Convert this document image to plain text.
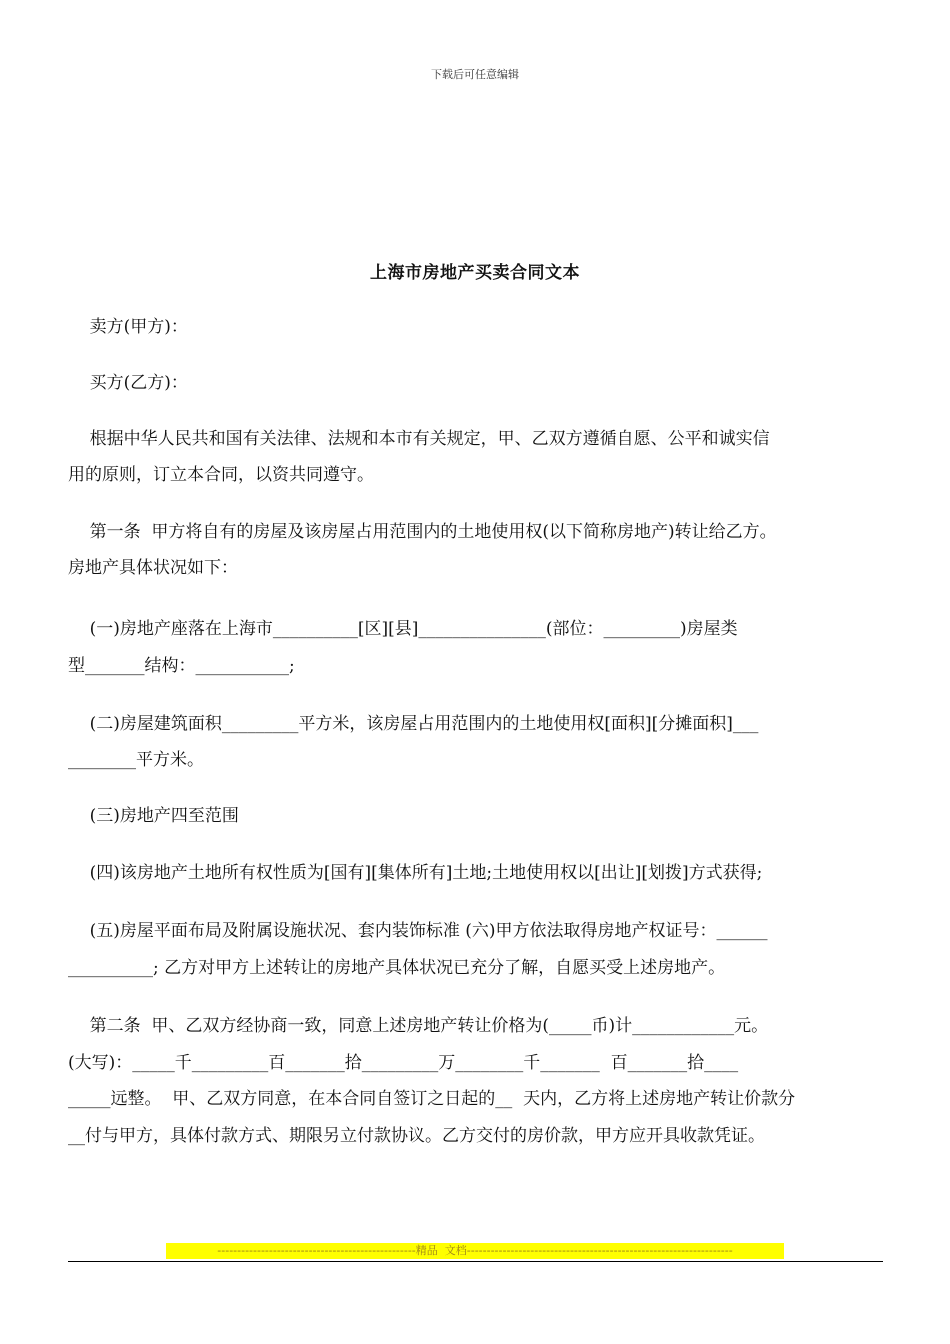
下载后可任意编辑
上海市房地产买卖合同文本

卖方(甲方)：

买方(乙方)：

根据中华人民共和国有关法律、法规和本市有关规定，甲、乙双方遵循自愿、公平和诚实信

用的原则，订立本合同，以资共同遵守。

第一条  甲方将自有的房屋及该房屋占用范围内的土地使用权(以下简称房地产)转让给乙方。

房地产具体状况如下：

(一)房地产座落在上海市__________[区][县]_______________(部位：_________)房屋类

型_______结构：___________;

(二)房屋建筑面积_________平方米，该房屋占用范围内的土地使用权[面积][分摊面积]___

________平方米。

(三)房地产四至范围

(四)该房地产土地所有权性质为[国有][集体所有]土地;土地使用权以[出让][划拨]方式获得;

(五)房屋平面布局及附属设施状况、套内装饰标准 (六)甲方依法取得房地产权证号：______

__________; 乙方对甲方上述转让的房地产具体状况已充分了解，自愿买受上述房地产。

第二条  甲、乙双方经协商一致，同意上述房地产转让价格为(_____币)计____________元。

(大写)：_____千_________百_______拾_________万________千_______  百_______拾____

_____远整。  甲、乙双方同意，在本合同自签订之日起的__  天内，乙方将上述房地产转让价款分

__付与甲方，具体付款方式、期限另立付款协议。乙方交付的房价款，甲方应开具收款凭证。

--------------------------------------------------精品  文档-------------------------------------------------------------------
